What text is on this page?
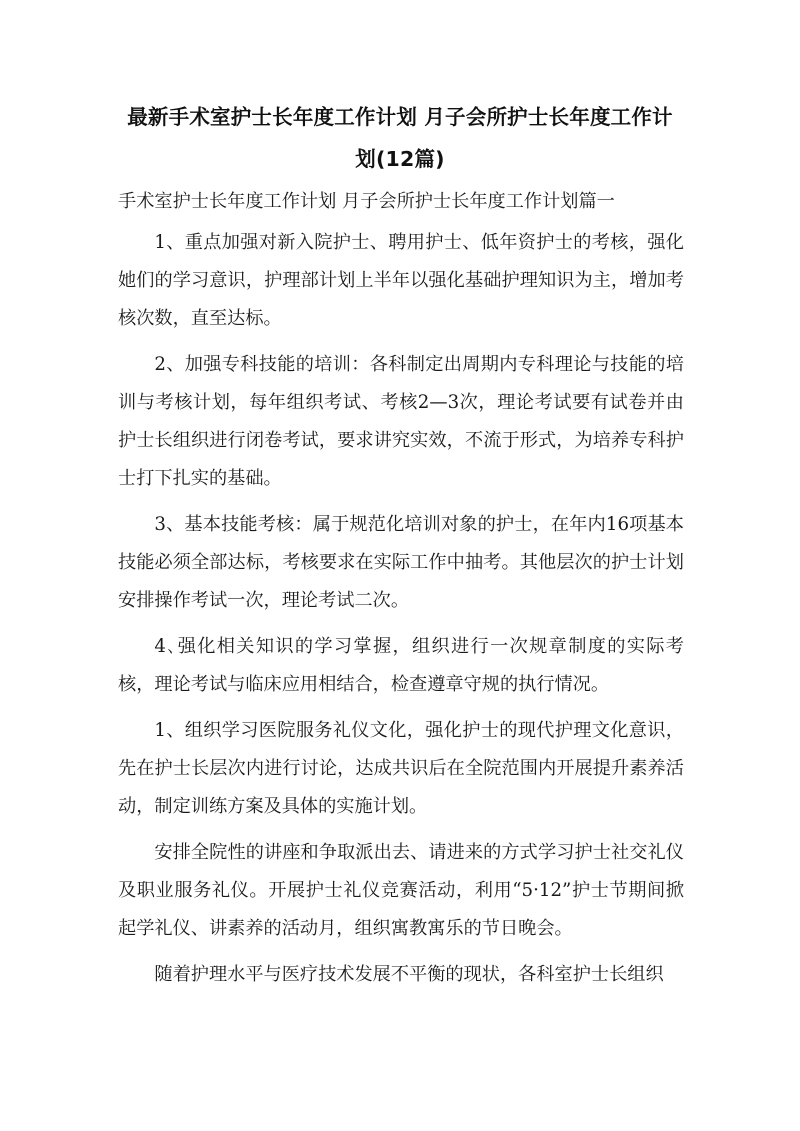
最新手术室护士长年度工作计划 月子会所护士长年度工作计划(12篇)

手术室护士长年度工作计划 月子会所护士长年度工作计划篇一

1、重点加强对新入院护士、聘用护士、低年资护士的考核，强化她们的学习意识，护理部计划上半年以强化基础护理知识为主，增加考核次数，直至达标。

2、加强专科技能的培训：各科制定出周期内专科理论与技能的培训与考核计划，每年组织考试、考核2—3次，理论考试要有试卷并由护士长组织进行闭卷考试，要求讲究实效，不流于形式，为培养专科护士打下扎实的基础。

3、基本技能考核：属于规范化培训对象的护士，在年内16项基本技能必须全部达标，考核要求在实际工作中抽考。其他层次的护士计划安排操作考试一次，理论考试二次。

4､强化相关知识的学习掌握，组织进行一次规章制度的实际考核，理论考试与临床应用相结合，检查遵章守规的执行情况。

1、组织学习医院服务礼仪文化，强化护士的现代护理文化意识，先在护士长层次内进行讨论，达成共识后在全院范围内开展提升素养活动，制定训练方案及具体的实施计划。

安排全院性的讲座和争取派出去、请进来的方式学习护士社交礼仪及职业服务礼仪。开展护士礼仪竞赛活动，利用“5·12”护士节期间掀起学礼仪、讲素养的活动月，组织寓教寓乐的节日晚会。

随着护理水平与医疗技术发展不平衡的现状，各科室护士长组织
